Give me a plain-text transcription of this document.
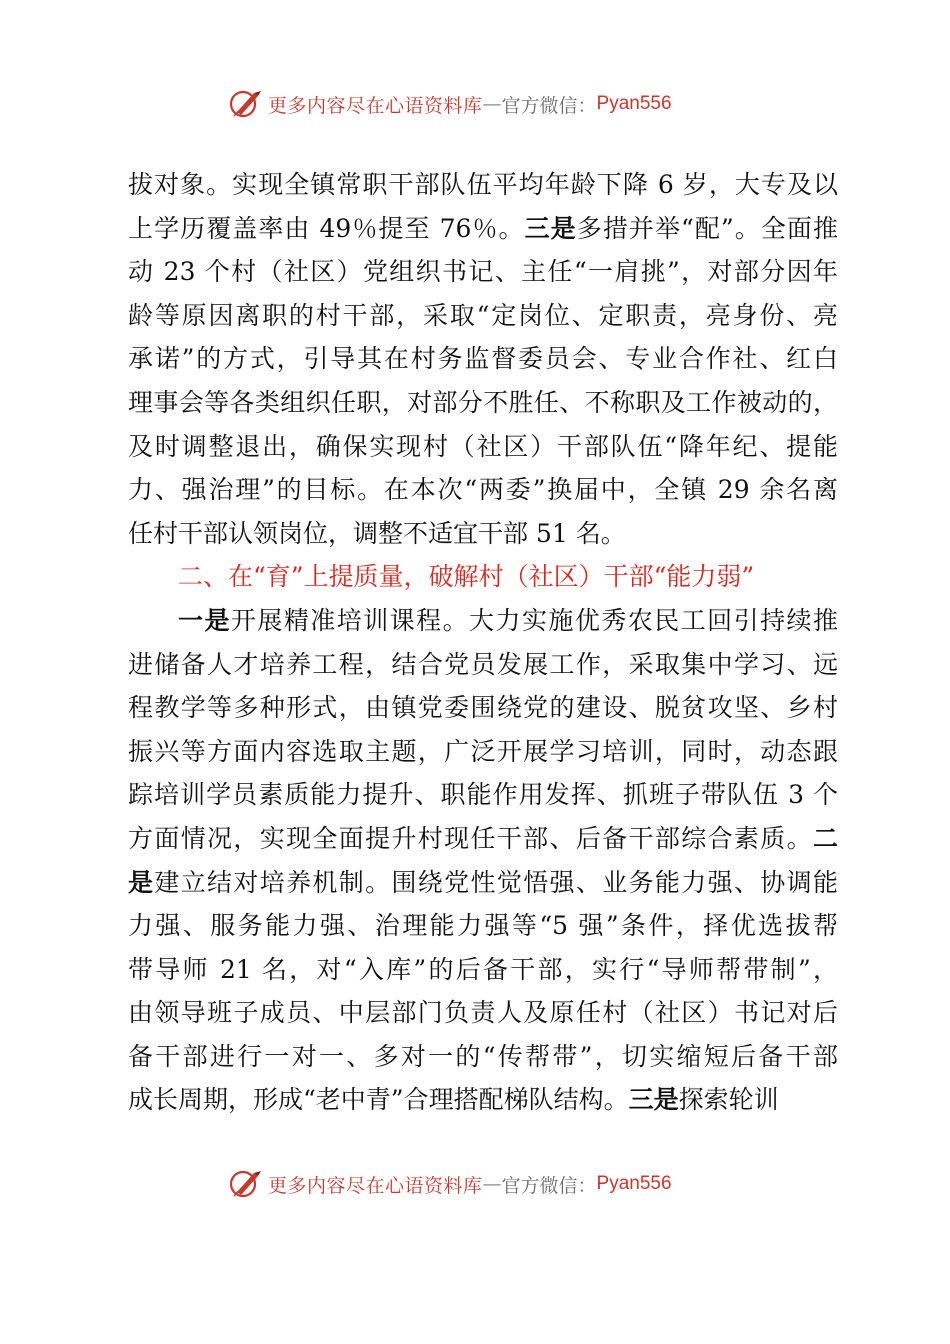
更多内容尽在心语资料库 — 官方微信： Pyan556
拔对象。实现全镇常职干部队伍平均年龄下降 6 岁，大专及以
上学历覆盖率由 49％提至 76％。三是多措并举“配”。全面推
动 23 个村（社区）党组织书记、主任“一肩挑”，对部分因年
龄等原因离职的村干部，采取“定岗位、定职责，亮身份、亮
承诺”的方式，引导其在村务监督委员会、专业合作社、红白
理事会等各类组织任职，对部分不胜任、不称职及工作被动的，
及时调整退出，确保实现村（社区）干部队伍“降年纪、提能
力、强治理”的目标。在本次“两委”换届中，全镇 29 余名离
任村干部认领岗位，调整不适宜干部 51 名。
二、在“育”上提质量，破解村（社区）干部“能力弱”
一是开展精准培训课程。大力实施优秀农民工回引持续推
进储备人才培养工程，结合党员发展工作，采取集中学习、远
程教学等多种形式，由镇党委围绕党的建设、脱贫攻坚、乡村
振兴等方面内容选取主题，广泛开展学习培训，同时，动态跟
踪培训学员素质能力提升、职能作用发挥、抓班子带队伍 3 个
方面情况，实现全面提升村现任干部、后备干部综合素质。二
是建立结对培养机制。围绕党性觉悟强、业务能力强、协调能
力强、服务能力强、治理能力强等“5 强”条件，择优选拔帮
带导师 21 名，对“入库”的后备干部，实行“导师帮带制”，
由领导班子成员、中层部门负责人及原任村（社区）书记对后
备干部进行一对一、多对一的“传帮带”，切实缩短后备干部
成长周期，形成“老中青”合理搭配梯队结构。三是探索轮训
更多内容尽在心语资料库 — 官方微信： Pyan556
